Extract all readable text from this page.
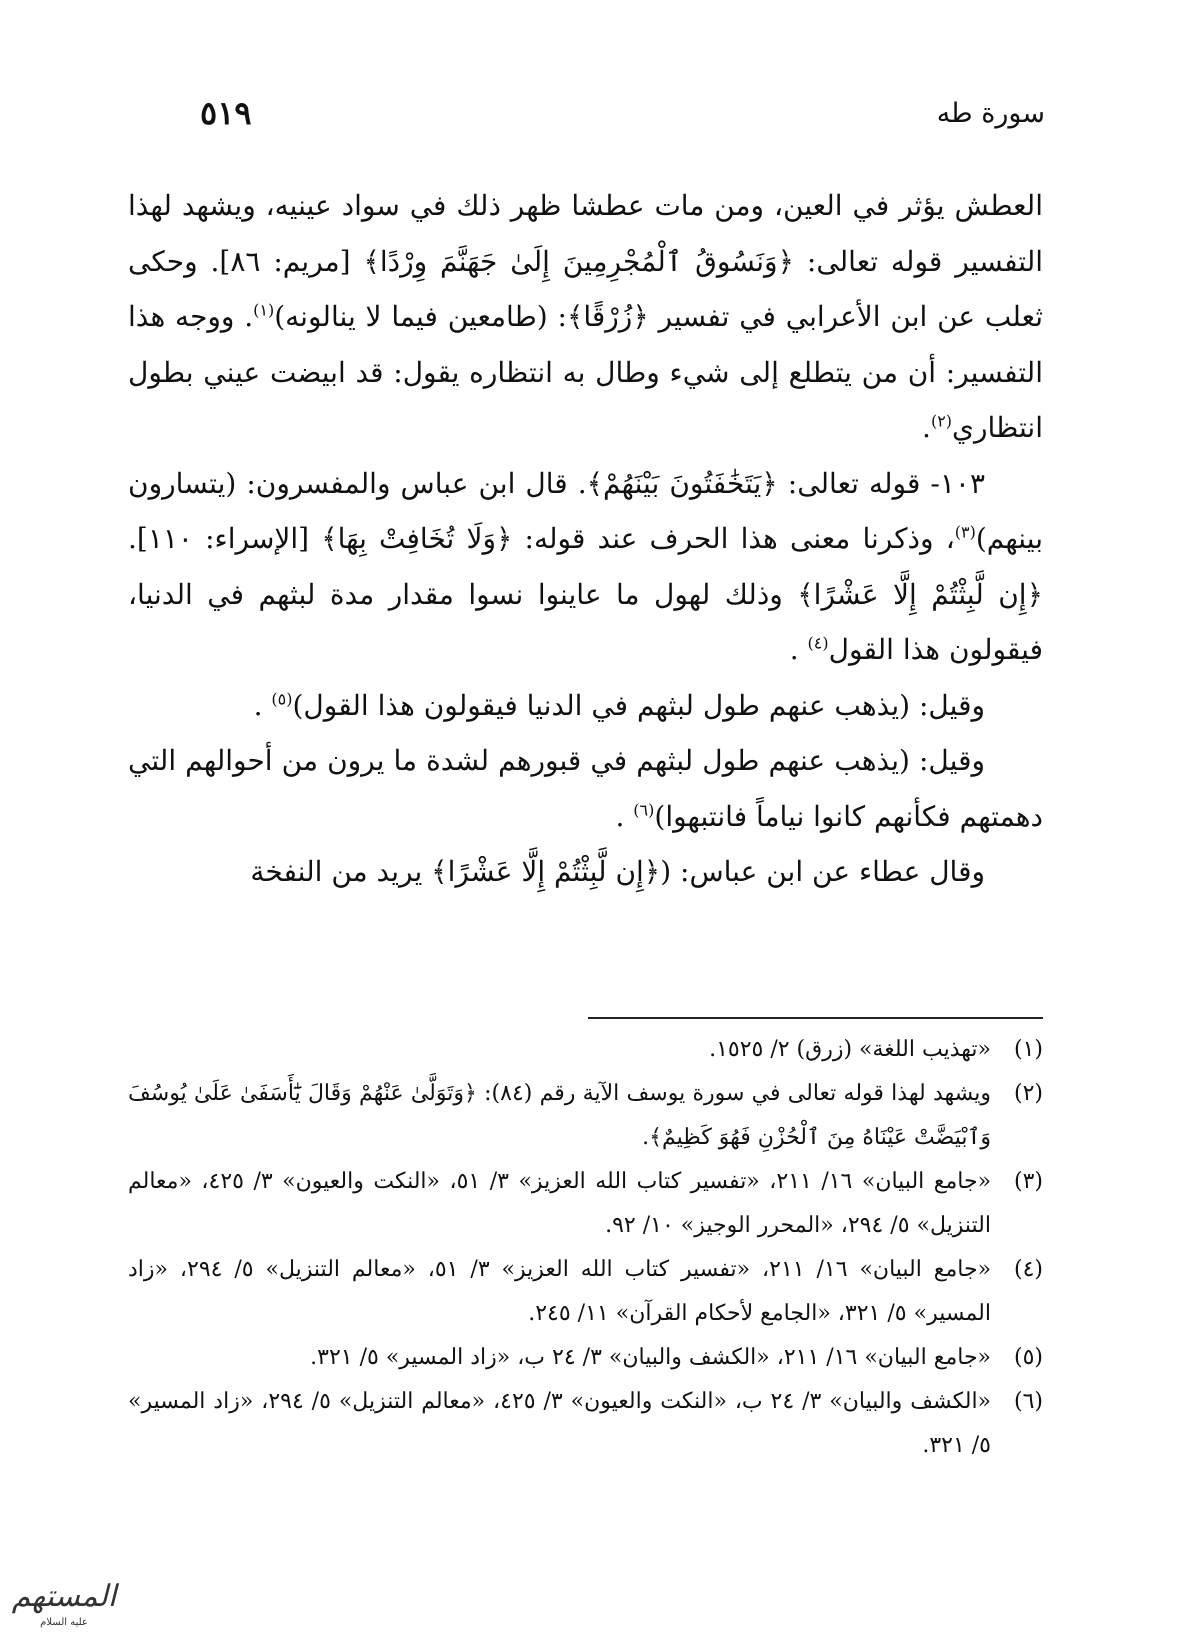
سورة طه
٥١٩

العطش يؤثر في العين، ومن مات عطشا ظهر ذلك في سواد عينيه، ويشهد لهذا التفسير قوله تعالى: ﴿وَنَسُوقُ ٱلْمُجْرِمِينَ إِلَىٰ جَهَنَّمَ وِرْدًا﴾ [مريم: ٨٦]. وحكى ثعلب عن ابن الأعرابي في تفسير ﴿زُرْقًا﴾: (طامعين فيما لا ينالونه)$^{(١)}$. ووجه هذا التفسير: أن من يتطلع إلى شيء وطال به انتظاره يقول: قد ابيضت عيني بطول انتظاري$^{(٢)}$.

١٠٣- قوله تعالى: ﴿يَتَخَٰفَتُونَ بَيْنَهُمْ﴾. قال ابن عباس والمفسرون: (يتسارون بينهم)$^{(٣)}$، وذكرنا معنى هذا الحرف عند قوله: ﴿وَلَا تُخَافِتْ بِهَا﴾ [الإسراء: ١١٠]. ﴿إِن لَّبِثْتُمْ إِلَّا عَشْرًا﴾ وذلك لهول ما عاينوا نسوا مقدار مدة لبثهم في الدنيا، فيقولون هذا القول$^{(٤)}$ .

وقيل: (يذهب عنهم طول لبثهم في الدنيا فيقولون هذا القول)$^{(٥)}$ .

وقيل: (يذهب عنهم طول لبثهم في قبورهم لشدة ما يرون من أحوالهم التي دهمتهم فكأنهم كانوا نياماً فانتبهوا)$^{(٦)}$ .

وقال عطاء عن ابن عباس: (﴿إِن لَّبِثْتُمْ إِلَّا عَشْرًا﴾ يريد من النفخة

(١)
«تهذيب اللغة» (زرق) ٢/ ١٥٢٥.
(٢)
ويشهد لهذا قوله تعالى في سورة يوسف الآية رقم (٨٤): ﴿وَتَوَلَّىٰ عَنْهُمْ وَقَالَ يَٰٓأَسَفَىٰ عَلَىٰ يُوسُفَ وَٱبْيَضَّتْ عَيْنَاهُ مِنَ ٱلْحُزْنِ فَهُوَ كَظِيمٌ﴾.
(٣)
«جامع البيان» ١٦/ ٢١١، «تفسير كتاب الله العزيز» ٣/ ٥١، «النكت والعيون» ٣/ ٤٢٥، «معالم التنزيل» ٥/ ٢٩٤، «المحرر الوجيز» ١٠/ ٩٢.
(٤)
«جامع البيان» ١٦/ ٢١١، «تفسير كتاب الله العزيز» ٣/ ٥١، «معالم التنزيل» ٥/ ٢٩٤، «زاد المسير» ٥/ ٣٢١، «الجامع لأحكام القرآن» ١١/ ٢٤٥.
(٥)
«جامع البيان» ١٦/ ٢١١، «الكشف والبيان» ٣/ ٢٤ ب، «زاد المسير» ٥/ ٣٢١.
(٦)
«الكشف والبيان» ٣/ ٢٤ ب، «النكت والعيون» ٣/ ٤٢٥، «معالم التنزيل» ٥/ ٢٩٤، «زاد المسير» ٥/ ٣٢١.
المستهم
عليه السلام
